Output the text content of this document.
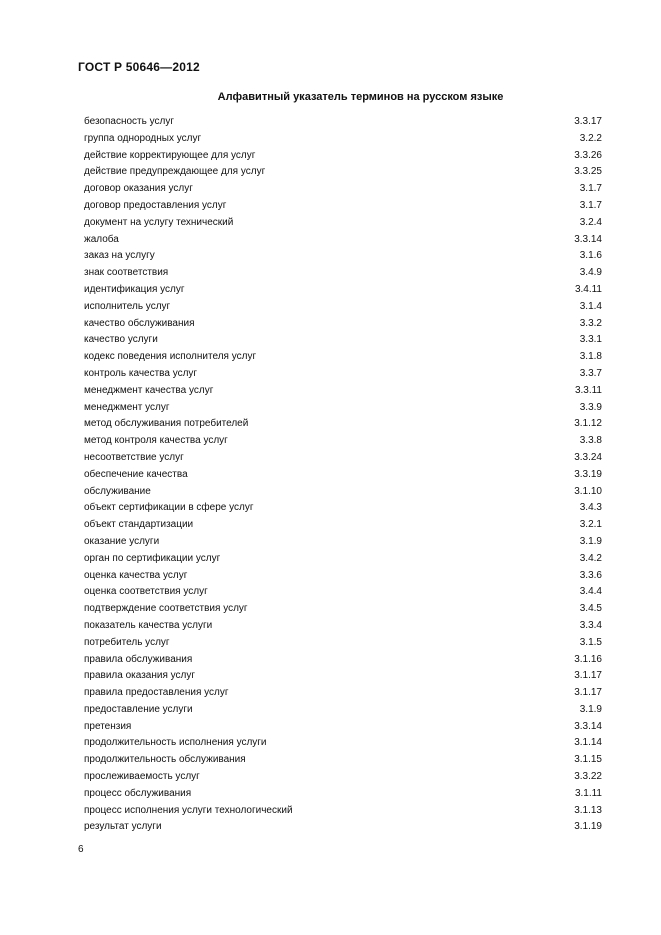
ГОСТ Р 50646—2012
Алфавитный указатель терминов на русском языке
безопасность услуг	3.3.17
группа однородных услуг	3.2.2
действие корректирующее для услуг	3.3.26
действие предупреждающее для услуг	3.3.25
договор оказания услуг	3.1.7
договор предоставления услуг	3.1.7
документ на услугу технический	3.2.4
жалоба	3.3.14
заказ на услугу	3.1.6
знак соответствия	3.4.9
идентификация услуг	3.4.11
исполнитель услуг	3.1.4
качество обслуживания	3.3.2
качество услуги	3.3.1
кодекс поведения исполнителя услуг	3.1.8
контроль качества услуг	3.3.7
менеджмент качества услуг	3.3.11
менеджмент услуг	3.3.9
метод обслуживания потребителей	3.1.12
метод контроля качества услуг	3.3.8
несоответствие услуг	3.3.24
обеспечение качества	3.3.19
обслуживание	3.1.10
объект сертификации в сфере услуг	3.4.3
объект стандартизации	3.2.1
оказание услуги	3.1.9
орган по сертификации услуг	3.4.2
оценка качества услуг	3.3.6
оценка соответствия услуг	3.4.4
подтверждение соответствия услуг	3.4.5
показатель качества услуги	3.3.4
потребитель услуг	3.1.5
правила обслуживания	3.1.16
правила оказания услуг	3.1.17
правила предоставления услуг	3.1.17
предоставление услуги	3.1.9
претензия	3.3.14
продолжительность исполнения услуги	3.1.14
продолжительность обслуживания	3.1.15
прослеживаемость услуг	3.3.22
процесс обслуживания	3.1.11
процесс исполнения услуги технологический	3.1.13
результат услуги	3.1.19
6
